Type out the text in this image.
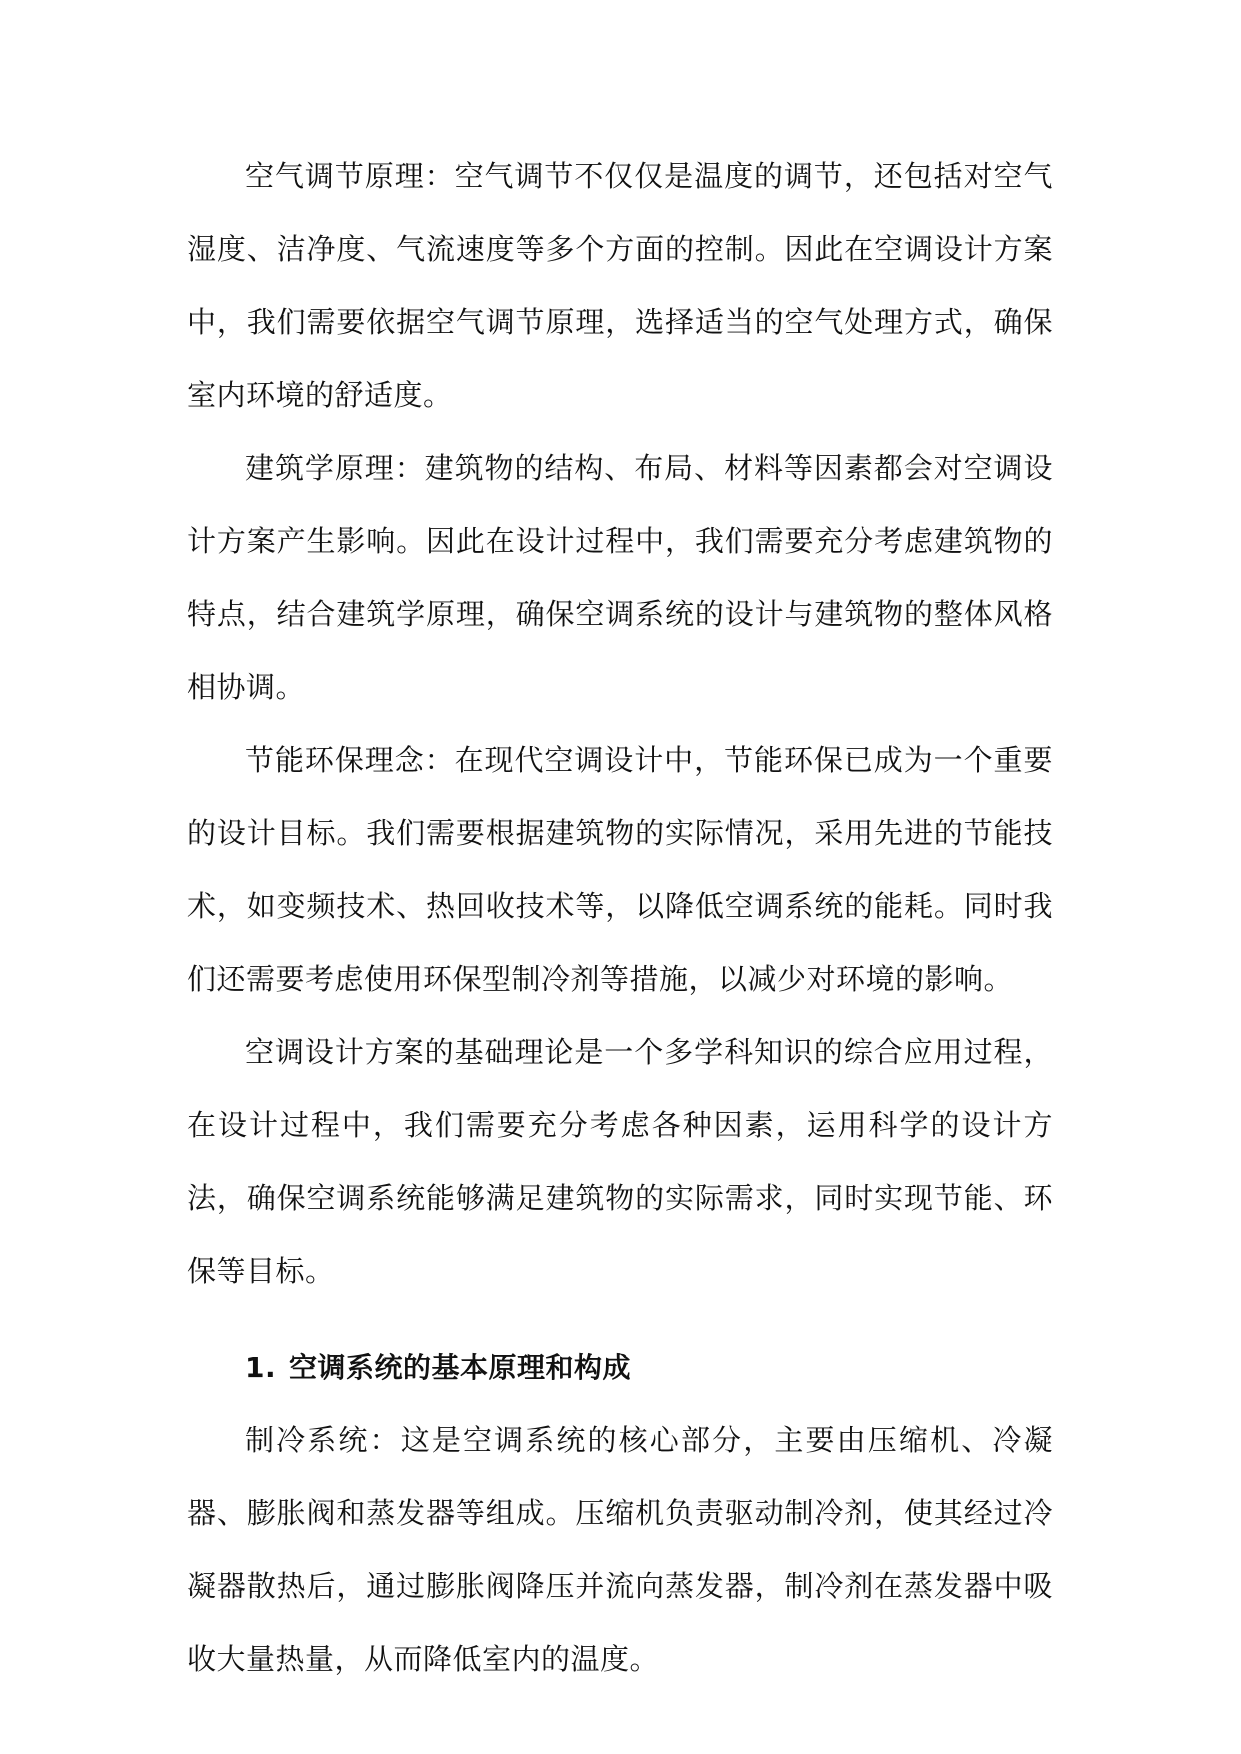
空气调节原理：空气调节不仅仅是温度的调节，还包括对空气湿度、洁净度、气流速度等多个方面的控制。因此在空调设计方案中，我们需要依据空气调节原理，选择适当的空气处理方式，确保室内环境的舒适度。

建筑学原理：建筑物的结构、布局、材料等因素都会对空调设计方案产生影响。因此在设计过程中，我们需要充分考虑建筑物的特点，结合建筑学原理，确保空调系统的设计与建筑物的整体风格相协调。

节能环保理念：在现代空调设计中，节能环保已成为一个重要的设计目标。我们需要根据建筑物的实际情况，采用先进的节能技术，如变频技术、热回收技术等，以降低空调系统的能耗。同时我们还需要考虑使用环保型制冷剂等措施，以减少对环境的影响。

空调设计方案的基础理论是一个多学科知识的综合应用过程，在设计过程中，我们需要充分考虑各种因素，运用科学的设计方法，确保空调系统能够满足建筑物的实际需求，同时实现节能、环保等目标。

1. 空调系统的基本原理和构成

制冷系统：这是空调系统的核心部分，主要由压缩机、冷凝器、膨胀阀和蒸发器等组成。压缩机负责驱动制冷剂，使其经过冷凝器散热后，通过膨胀阀降压并流向蒸发器，制冷剂在蒸发器中吸收大量热量，从而降低室内的温度。
